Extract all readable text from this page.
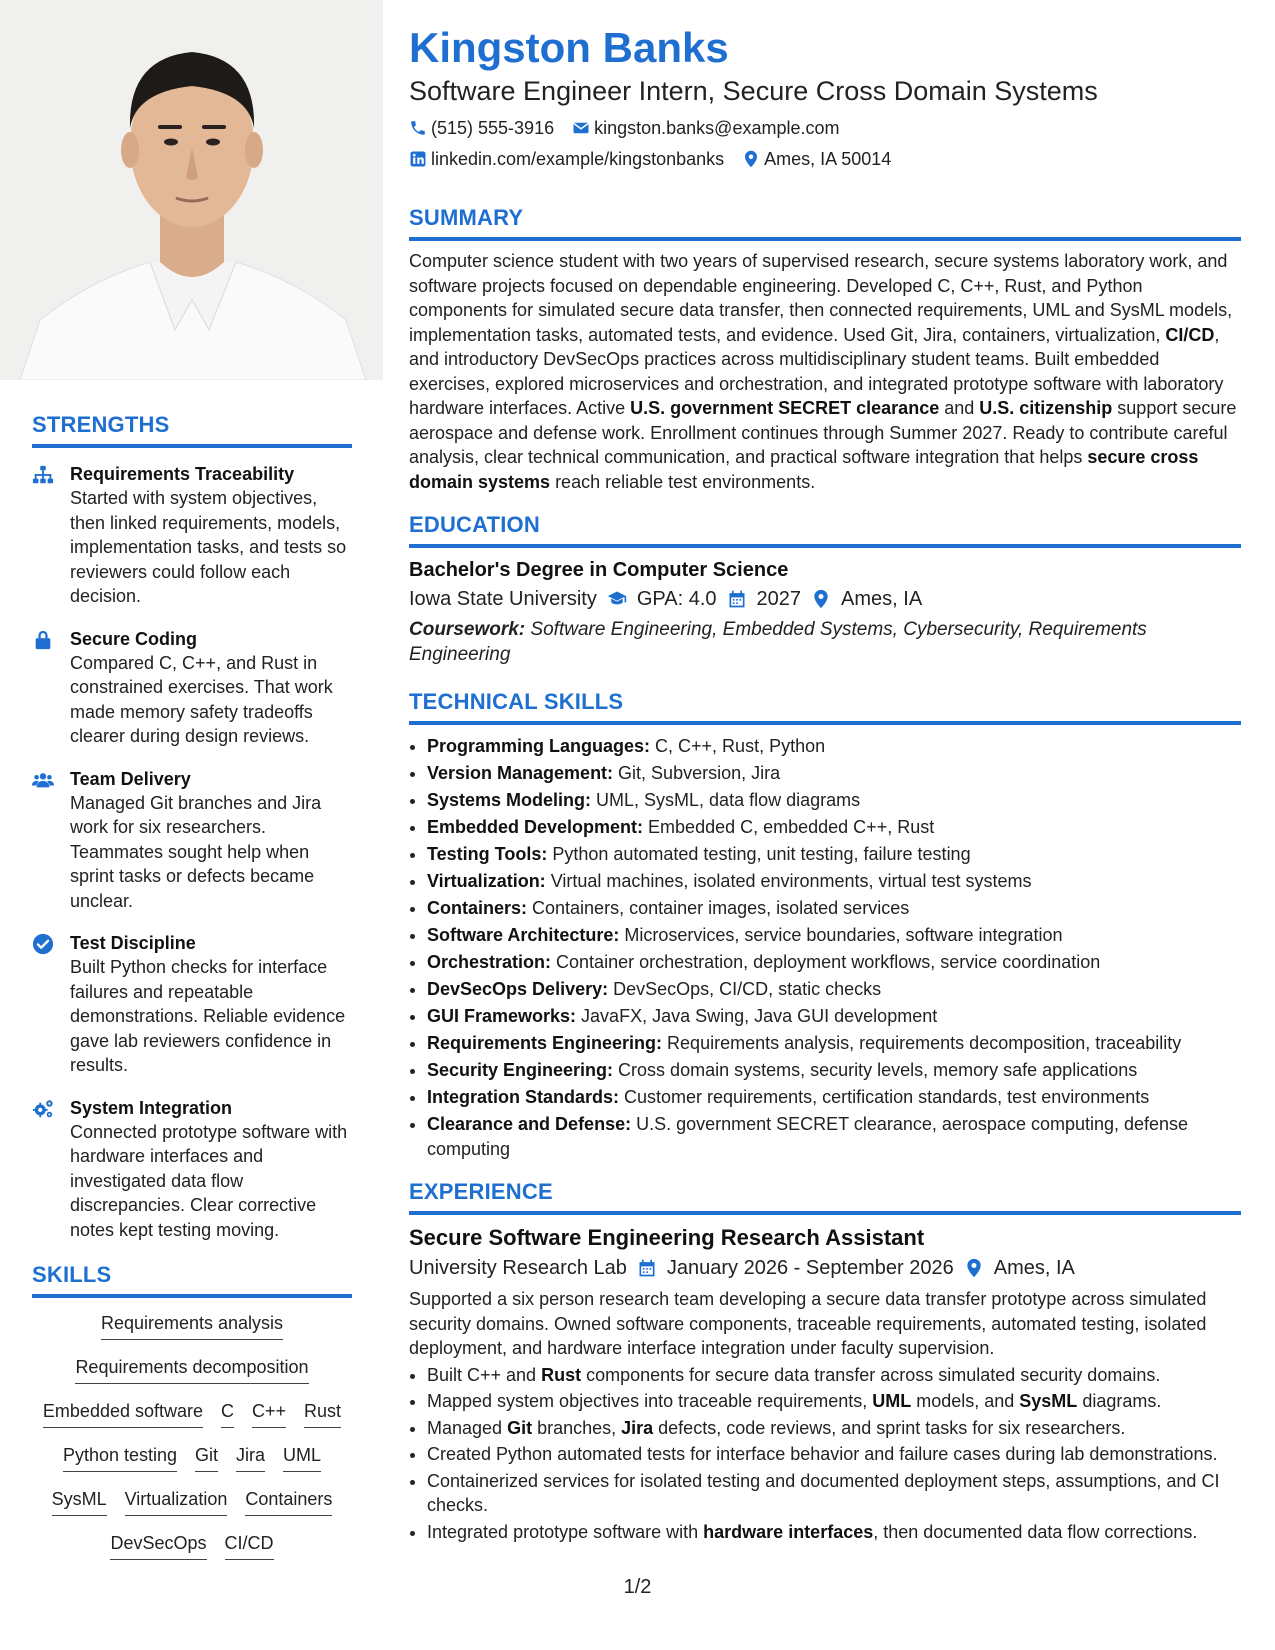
STRENGTHS
Requirements Traceability
Started with system objectives, then linked requirements, models, implementation tasks, and tests so reviewers could follow each decision.
Secure Coding
Compared C, C++, and Rust in constrained exercises. That work made memory safety tradeoffs clearer during design reviews.
Team Delivery
Managed Git branches and Jira work for six researchers. Teammates sought help when sprint tasks or defects became unclear.
Test Discipline
Built Python checks for interface failures and repeatable demonstrations. Reliable evidence gave lab reviewers confidence in results.
System Integration
Connected prototype software with hardware interfaces and investigated data flow discrepancies. Clear corrective notes kept testing moving.
SKILLS
Requirements analysis
Requirements decomposition
Embedded software C C++ Rust
Python testing Git Jira UML
SysML Virtualization Containers
DevSecOps CI/CD
Kingston Banks
Software Engineer Intern, Secure Cross Domain Systems
(515) 555-3916 kingston.banks@example.com
linkedin.com/example/kingstonbanks Ames, IA 50014
SUMMARY
Computer science student with two years of supervised research, secure systems laboratory work, and software projects focused on dependable engineering. Developed C, C++, Rust, and Python components for simulated secure data transfer, then connected requirements, UML and SysML models, implementation tasks, automated tests, and evidence. Used Git, Jira, containers, virtualization, CI/CD, and introductory DevSecOps practices across multidisciplinary student teams. Built embedded exercises, explored microservices and orchestration, and integrated prototype software with laboratory hardware interfaces. Active U.S. government SECRET clearance and U.S. citizenship support secure aerospace and defense work. Enrollment continues through Summer 2027. Ready to contribute careful analysis, clear technical communication, and practical software integration that helps secure cross domain systems reach reliable test environments.
EDUCATION
Bachelor's Degree in Computer Science
Iowa State University GPA: 4.0 2027 Ames, IA
Coursework: Software Engineering, Embedded Systems, Cybersecurity, Requirements Engineering
TECHNICAL SKILLS
• Programming Languages: C, C++, Rust, Python
• Version Management: Git, Subversion, Jira
• Systems Modeling: UML, SysML, data flow diagrams
• Embedded Development: Embedded C, embedded C++, Rust
• Testing Tools: Python automated testing, unit testing, failure testing
• Virtualization: Virtual machines, isolated environments, virtual test systems
• Containers: Containers, container images, isolated services
• Software Architecture: Microservices, service boundaries, software integration
• Orchestration: Container orchestration, deployment workflows, service coordination
• DevSecOps Delivery: DevSecOps, CI/CD, static checks
• GUI Frameworks: JavaFX, Java Swing, Java GUI development
• Requirements Engineering: Requirements analysis, requirements decomposition, traceability
• Security Engineering: Cross domain systems, security levels, memory safe applications
• Integration Standards: Customer requirements, certification standards, test environments
• Clearance and Defense: U.S. government SECRET clearance, aerospace computing, defense computing
EXPERIENCE
Secure Software Engineering Research Assistant
University Research Lab January 2026 - September 2026 Ames, IA
Supported a six person research team developing a secure data transfer prototype across simulated security domains. Owned software components, traceable requirements, automated testing, isolated deployment, and hardware interface integration under faculty supervision.
• Built C++ and Rust components for secure data transfer across simulated security domains.
• Mapped system objectives into traceable requirements, UML models, and SysML diagrams.
• Managed Git branches, Jira defects, code reviews, and sprint tasks for six researchers.
• Created Python automated tests for interface behavior and failure cases during lab demonstrations.
• Containerized services for isolated testing and documented deployment steps, assumptions, and CI checks.
• Integrated prototype software with hardware interfaces, then documented data flow corrections.
1/2
